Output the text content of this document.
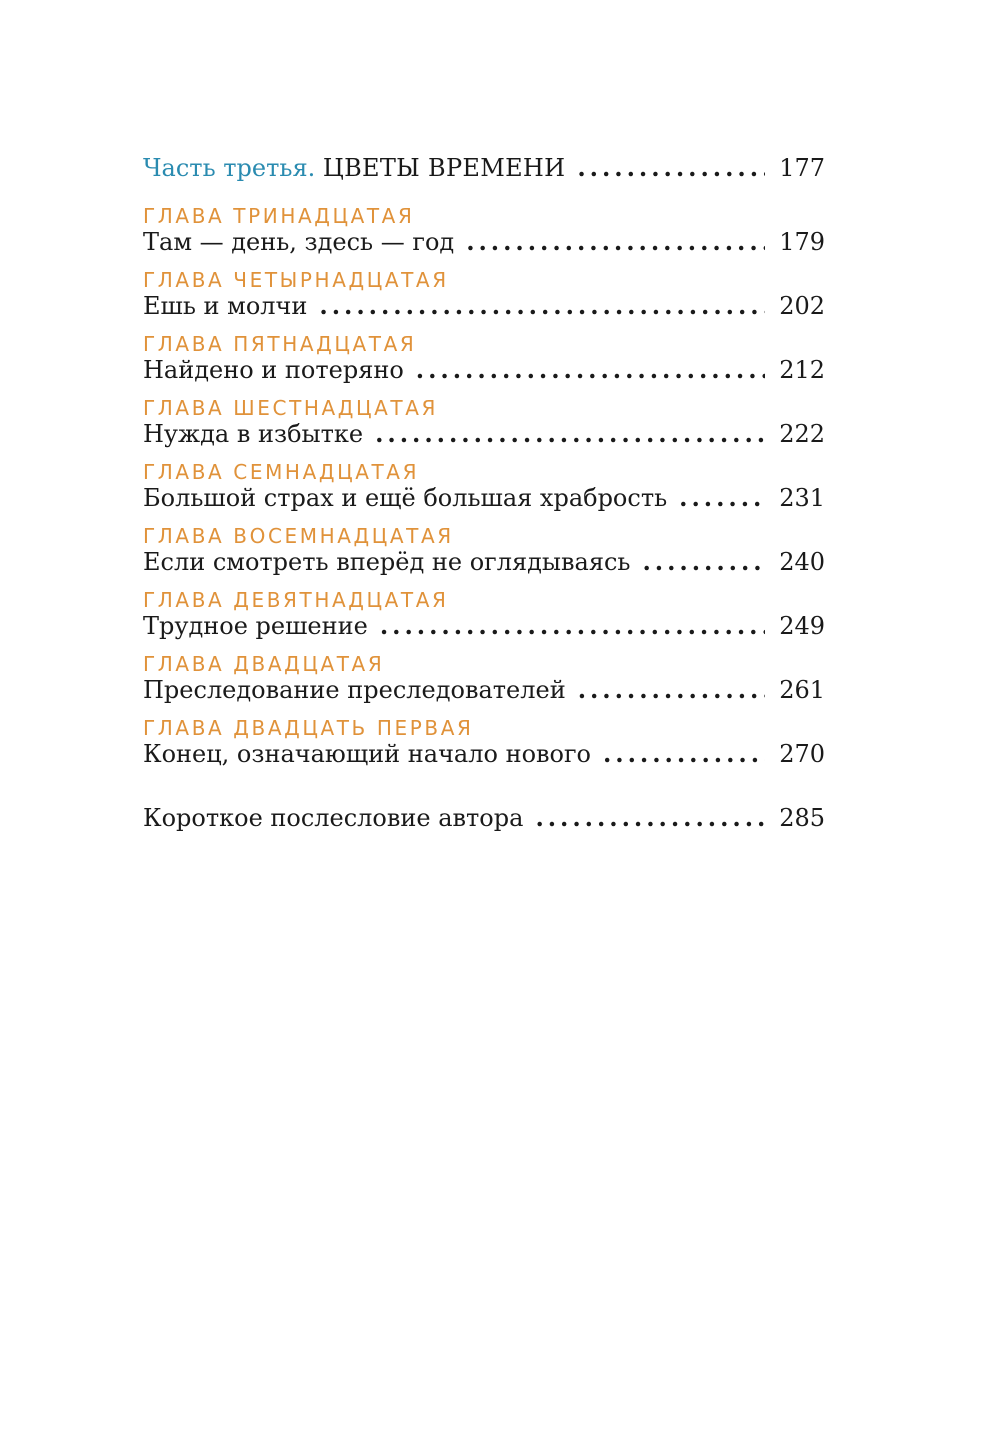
Часть третья. ЦВЕТЫ ВРЕМЕНИ . . .	177
ГЛАВА ТРИНАДЦАТАЯ
Там — день, здесь — год . . .	179
ГЛАВА ЧЕТЫРНАДЦАТАЯ
Ешь и молчи . . .	202
ГЛАВА ПЯТНАДЦАТАЯ
Найдено и потеряно . . .	212
ГЛАВА ШЕСТНАДЦАТАЯ
Нужда в избытке . . .	222
ГЛАВА СЕМНАДЦАТАЯ
Большой страх и ещё большая храбрость . . .	231
ГЛАВА ВОСЕМНАДЦАТАЯ
Если смотреть вперёд не оглядываясь . . .	240
ГЛАВА ДЕВЯТНАДЦАТАЯ
Трудное решение . . .	249
ГЛАВА ДВАДЦАТАЯ
Преследование преследователей . . .	261
ГЛАВА ДВАДЦАТЬ ПЕРВАЯ
Конец, означающий начало нового . . .	270
Короткое послесловие автора . . .	285
